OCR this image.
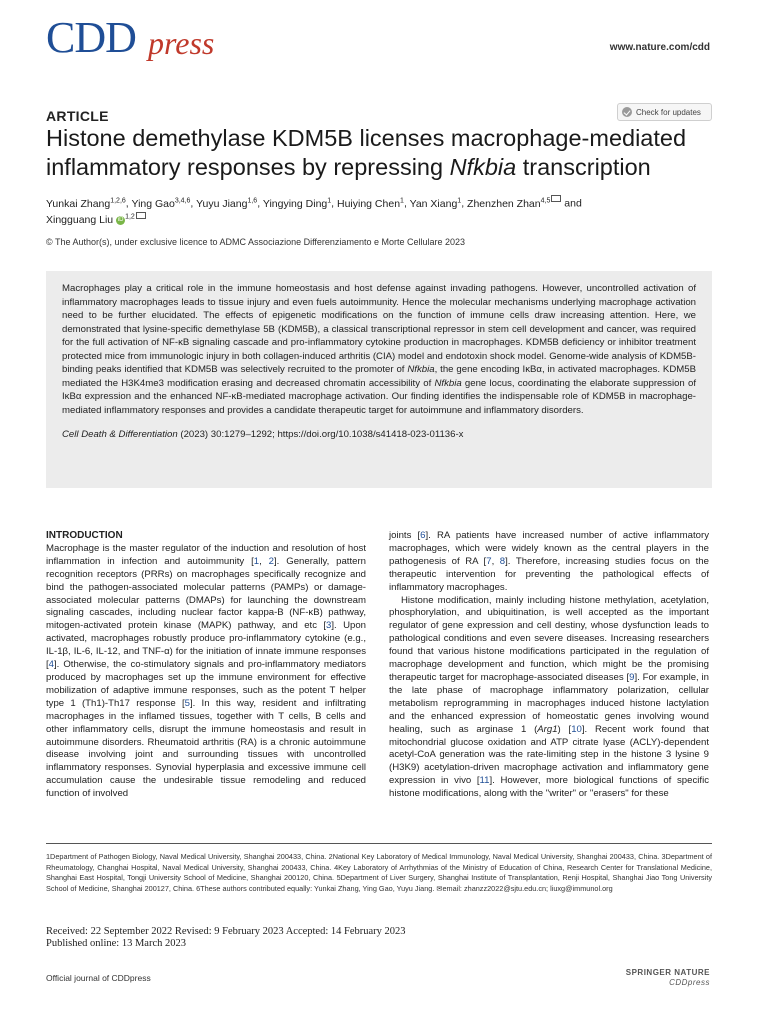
CDD press	www.nature.com/cdd
ARTICLE	Check for updates
Histone demethylase KDM5B licenses macrophage-mediated inflammatory responses by repressing Nfkbia transcription
Yunkai Zhang$^{1,2,6}$, Ying Gao$^{3,4,6}$, Yuyu Jiang$^{1,6}$, Yingying Ding$^1$, Huiying Chen$^1$, Yan Xiang$^1$, Zhenzhen Zhan$^{4,5}$ and
Xingguang Liu iD $^{1,2}$
© The Author(s), under exclusive licence to ADMC Associazione Differenziamento e Morte Cellulare 2023
Macrophages play a critical role in the immune homeostasis and host defense against invading pathogens. However, uncontrolled activation of inflammatory macrophages leads to tissue injury and even fuels autoimmunity. Hence the molecular mechanisms underlying macrophage activation need to be further elucidated. The effects of epigenetic modifications on the function of immune cells draw increasing attention. Here, we demonstrated that lysine-specific demethylase 5B (KDM5B), a classical transcriptional repressor in stem cell development and cancer, was required for the full activation of NF-κB signaling cascade and pro-inflammatory cytokine production in macrophages. KDM5B deficiency or inhibitor treatment protected mice from immunologic injury in both collagen-induced arthritis (CIA) model and endotoxin shock model. Genome-wide analysis of KDM5B-binding peaks identified that KDM5B was selectively recruited to the promoter of Nfkbia, the gene encoding IκBα, in activated macrophages. KDM5B mediated the H3K4me3 modification erasing and decreased chromatin accessibility of Nfkbia gene locus, coordinating the elaborate suppression of IκBα expression and the enhanced NF-κB-mediated macrophage activation. Our finding identifies the indispensable role of KDM5B in macrophage-mediated inflammatory responses and provides a candidate therapeutic target for autoimmune and inflammatory disorders.
Cell Death & Differentiation (2023) 30:1279–1292; https://doi.org/10.1038/s41418-023-01136-x
INTRODUCTION

Macrophage is the master regulator of the induction and resolution of host inflammation in infection and autoimmunity [1, 2]. Generally, pattern recognition receptors (PRRs) on macrophages specifically recognize and bind the pathogen-associated molecular patterns (PAMPs) or damage-associated molecular patterns (DMAPs) for launching the downstream signaling cascades, including nuclear factor kappa-B (NF-κB) pathway, mitogen-activated protein kinase (MAPK) pathway, and etc [3]. Upon activated, macrophages robustly produce pro-inflammatory cytokine (e.g., IL-1β, IL-6, IL-12, and TNF-α) for the initiation of innate immune responses [4]. Otherwise, the co-stimulatory signals and pro-inflammatory mediators produced by macrophages set up the immune environment for effective mobilization of adaptive immune responses, such as the potent T helper type 1 (Th1)-Th17 response [5]. In this way, resident and infiltrating macrophages in the inflamed tissues, together with T cells, B cells and other inflammatory cells, disrupt the immune homeostasis and result in autoimmune disorders. Rheumatoid arthritis (RA) is a chronic autoimmune disease involving joint and surrounding tissues with uncontrolled inflammatory responses. Synovial hyperplasia and excessive immune cell accumulation cause the undesirable tissue remodeling and reduced function of involved

joints [6]. RA patients have increased number of active inflammatory macrophages, which were widely known as the central players in the pathogenesis of RA [7, 8]. Therefore, increasing studies focus on the therapeutic intervention for preventing the pathological effects of inflammatory macrophages.

Histone modification, mainly including histone methylation, acetylation, phosphorylation, and ubiquitination, is well accepted as the important regulator of gene expression and cell destiny, whose dysfunction leads to pathological conditions and even severe diseases. Increasing researchers found that various histone modifications participated in the regulation of macrophage development and function, which might be the promising therapeutic target for macrophage-associated diseases [9]. For example, in the late phase of macrophage inflammatory polarization, cellular metabolism reprogramming in macrophages induced histone lactylation and the enhanced expression of homeostatic genes involving wound healing, such as arginase 1 (Arg1) [10]. Recent work found that mitochondrial glucose oxidation and ATP citrate lyase (ACLY)-dependent acetyl-CoA generation was the rate-limiting step in the histone 3 lysine 9 (H3K9) acetylation-driven macrophage activation and inflammatory gene expression in vivo [11]. However, more biological functions of specific histone modifications, along with the "writer" or "erasers" for these

1Department of Pathogen Biology, Naval Medical University, Shanghai 200433, China. 2National Key Laboratory of Medical Immunology, Naval Medical University, Shanghai 200433, China. 3Department of Rheumatology, Changhai Hospital, Naval Medical University, Shanghai 200433, China. 4Key Laboratory of Arrhythmias of the Ministry of Education of China, Research Center for Translational Medicine, Shanghai East Hospital, Tongji University School of Medicine, Shanghai 200120, China. 5Department of Liver Surgery, Shanghai Institute of Transplantation, Renji Hospital, Shanghai Jiao Tong University School of Medicine, Shanghai 200127, China. 6These authors contributed equally: Yunkai Zhang, Ying Gao, Yuyu Jiang. ✉email: zhanzz2022@sjtu.edu.cn; liuxg@immunol.org
Received: 22 September 2022 Revised: 9 February 2023 Accepted: 14 February 2023
Published online: 13 March 2023
Official journal of CDDpress
SPRINGER NATURE
CDDpress
